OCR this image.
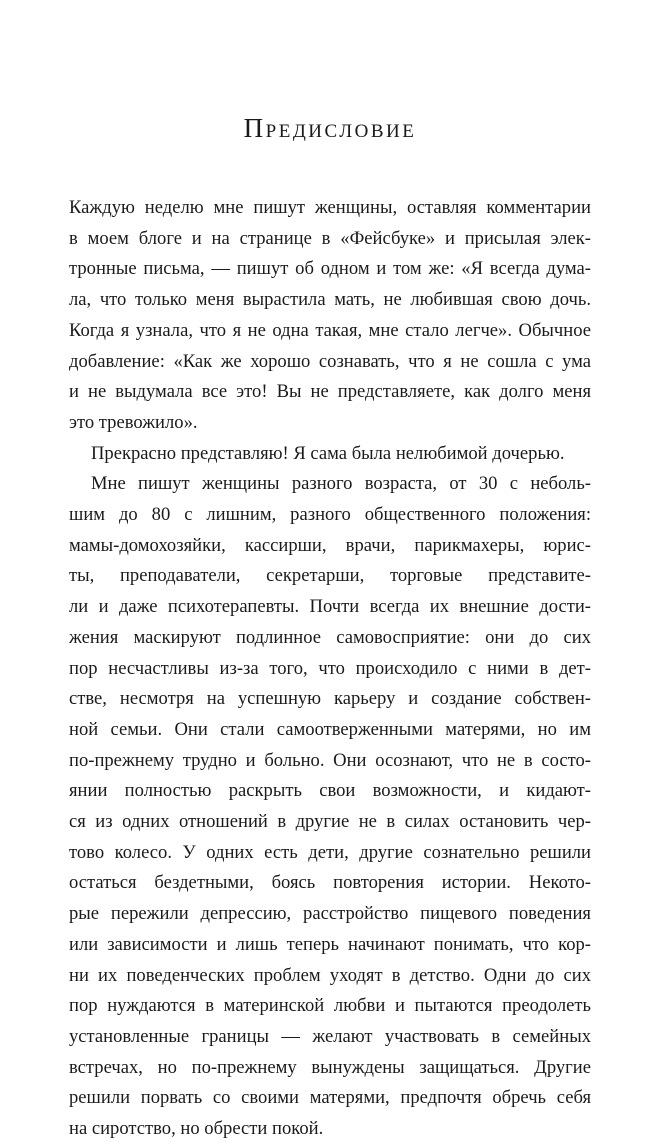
Предисловие
Каждую неделю мне пишут женщины, оставляя комментарии
в моем блоге и на странице в «Фейсбуке» и присылая элек-
тронные письма, — пишут об одном и том же: «Я всегда дума-
ла, что только меня вырастила мать, не любившая свою дочь.
Когда я узнала, что я не одна такая, мне стало легче». Обычное
добавление: «Как же хорошо сознавать, что я не сошла с ума
и не выдумала все это! Вы не представляете, как долго меня
это тревожило».
Прекрасно представляю! Я сама была нелюбимой дочерью.
Мне пишут женщины разного возраста, от 30 с неболь-
шим до 80 с лишним, разного общественного положения:
мамы-домохозяйки, кассирши, врачи, парикмахеры, юрис-
ты, преподаватели, секретарши, торговые представите-
ли и даже психотерапевты. Почти всегда их внешние дости-
жения маскируют подлинное самовосприятие: они до сих
пор несчастливы из-за того, что происходило с ними в дет-
стве, несмотря на успешную карьеру и создание собствен-
ной семьи. Они стали самоотверженными матерями, но им
по-прежнему трудно и больно. Они осознают, что не в состо-
янии полностью раскрыть свои возможности, и кидают-
ся из одних отношений в другие не в силах остановить чер-
тово колесо. У одних есть дети, другие сознательно решили
остаться бездетными, боясь повторения истории. Некото-
рые пережили депрессию, расстройство пищевого поведения
или зависимости и лишь теперь начинают понимать, что кор-
ни их поведенческих проблем уходят в детство. Одни до сих
пор нуждаются в материнской любви и пытаются преодолеть
установленные границы — желают участвовать в семейных
встречах, но по-прежнему вынуждены защищаться. Другие
решили порвать со своими матерями, предпочтя обречь себя
на сиротство, но обрести покой.
